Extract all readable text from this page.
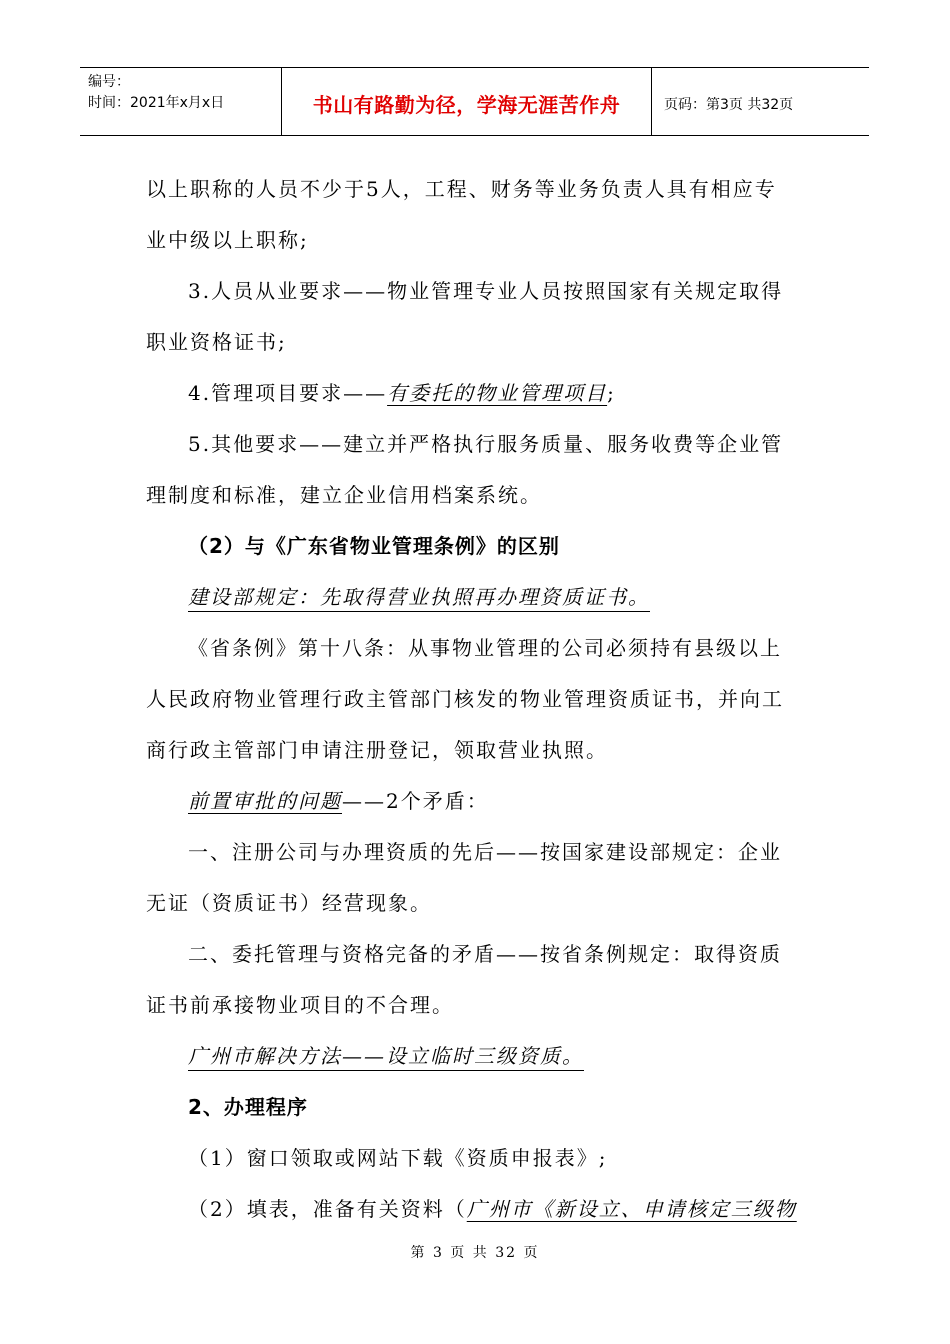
编号：
时间：2021年x月x日	书山有路勤为径，学海无涯苦作舟	页码：第3页 共32页

以上职称的人员不少于5人，工程、财务等业务负责人具有相应专

业中级以上职称;

3.人员从业要求——物业管理专业人员按照国家有关规定取得

职业资格证书;

4.管理项目要求——有委托的物业管理项目;

5.其他要求——建立并严格执行服务质量、服务收费等企业管

理制度和标准，建立企业信用档案系统。

（2）与《广东省物业管理条例》的区别

建设部规定：先取得营业执照再办理资质证书。

《省条例》第十八条：从事物业管理的公司必须持有县级以上

人民政府物业管理行政主管部门核发的物业管理资质证书，并向工

商行政主管部门申请注册登记，领取营业执照。

前置审批的问题——2个矛盾：

一、注册公司与办理资质的先后——按国家建设部规定：企业

无证（资质证书）经营现象。

二、委托管理与资格完备的矛盾——按省条例规定：取得资质

证书前承接物业项目的不合理。

广州市解决方法——设立临时三级资质。

2、办理程序

（1）窗口领取或网站下载《资质申报表》;

（2）填表，准备有关资料（广州市《新设立、申请核定三级物

第 3 页 共 32 页
